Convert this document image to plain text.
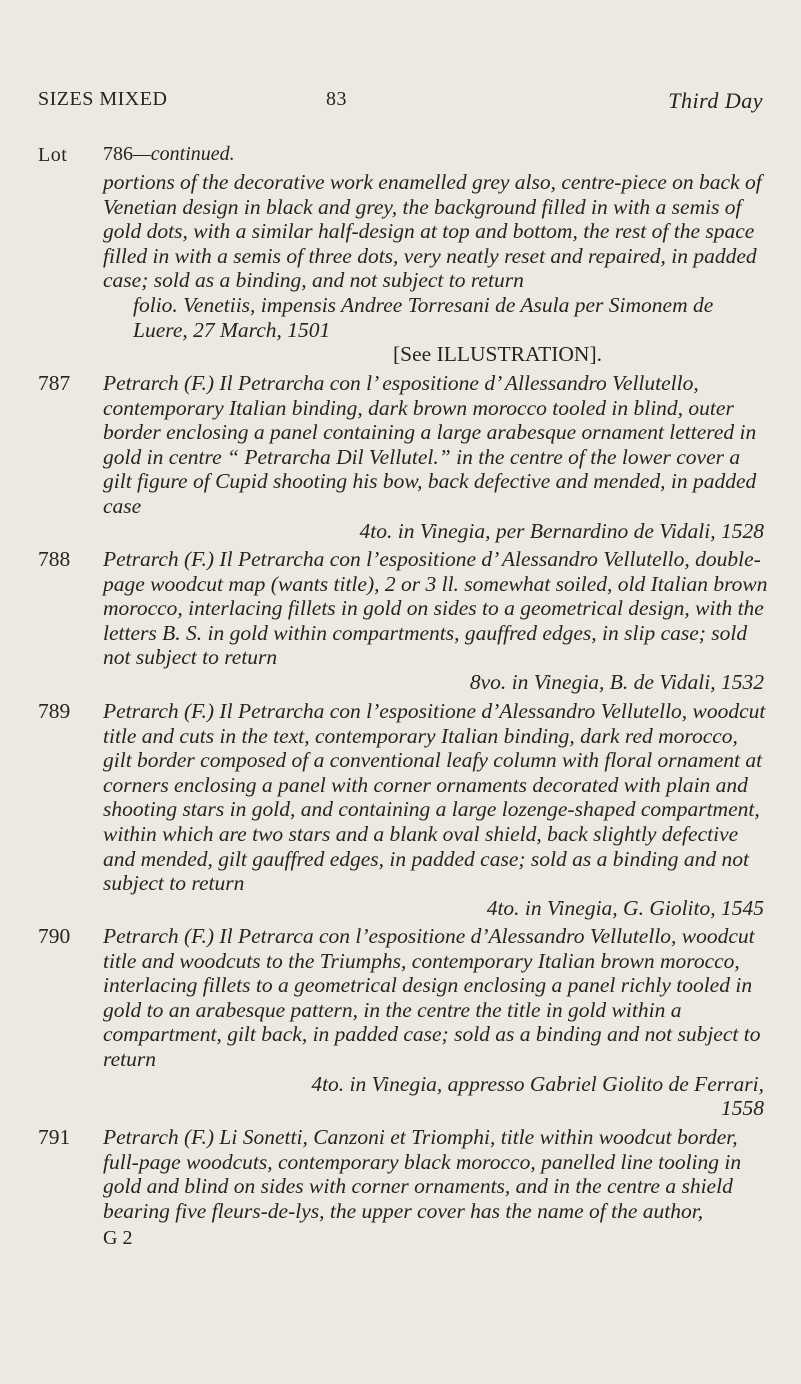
SIZES MIXED	83	Third Day
Lot 786—continued.

portions of the decorative work enamelled grey also, centre-piece on back of Venetian design in black and grey, the background filled in with a semis of gold dots, with a similar half-design at top and bottom, the rest of the space filled in with a semis of three dots, very neatly reset and repaired, in padded case; sold as a binding, and not subject to return

folio. Venetiis, impensis Andree Torresani de Asula per Simonem de Luere, 27 March, 1501

[See ILLUSTRATION].

787	Petrarch (F.) Il Petrarcha con l’ espositione d’ Allessandro Vellutello, contemporary Italian binding, dark brown morocco tooled in blind, outer border enclosing a panel containing a large arabesque ornament lettered in gold in centre “ Petrarcha Dil Vellutel.” in the centre of the lower cover a gilt figure of Cupid shooting his bow, back defective and mended, in padded case

4to. in Vinegia, per Bernardino de Vidali, 1528

788	Petrarch (F.) Il Petrarcha con l’espositione d’ Alessandro Vellutello, double-page woodcut map (wants title), 2 or 3 ll. somewhat soiled, old Italian brown morocco, interlacing fillets in gold on sides to a geometrical design, with the letters B. S. in gold within compartments, gauffred edges, in slip case; sold not subject to return

8vo. in Vinegia, B. de Vidali, 1532

789	Petrarch (F.) Il Petrarcha con l’espositione d’Alessandro Vellutello, woodcut title and cuts in the text, contemporary Italian binding, dark red morocco, gilt border composed of a conventional leafy column with floral ornament at corners enclosing a panel with corner ornaments decorated with plain and shooting stars in gold, and containing a large lozenge-shaped compartment, within which are two stars and a blank oval shield, back slightly defective and mended, gilt gauffred edges, in padded case; sold as a binding and not subject to return

4to. in Vinegia, G. Giolito, 1545

790	Petrarch (F.) Il Petrarca con l’espositione d’Alessandro Vellutello, woodcut title and woodcuts to the Triumphs, contemporary Italian brown morocco, interlacing fillets to a geometrical design enclosing a panel richly tooled in gold to an arabesque pattern, in the centre the title in gold within a compartment, gilt back, in padded case; sold as a binding and not subject to return

4to. in Vinegia, appresso Gabriel Giolito de Ferrari, 1558

791	Petrarch (F.) Li Sonetti, Canzoni et Triomphi, title within woodcut border, full-page woodcuts, contemporary black morocco, panelled line tooling in gold and blind on sides with corner ornaments, and in the centre a shield bearing five fleurs-de-lys, the upper cover has the name of the author,

G 2
